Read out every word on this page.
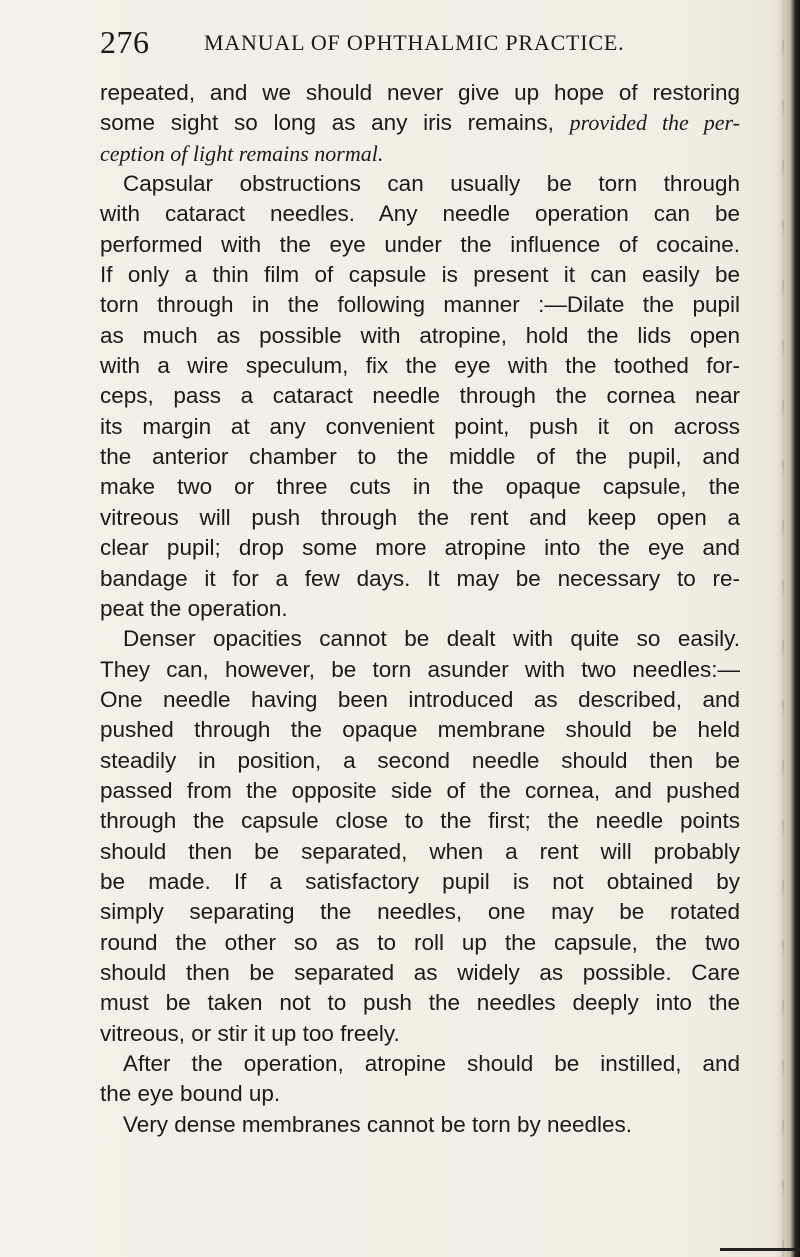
276 MANUAL OF OPHTHALMIC PRACTICE.
repeated, and we should never give up hope of restoring
some sight so long as any iris remains, provided the per-
ception of light remains normal.
Capsular obstructions can usually be torn through
with cataract needles. Any needle operation can be
performed with the eye under the influence of cocaine.
If only a thin film of capsule is present it can easily be
torn through in the following manner :—Dilate the pupil
as much as possible with atropine, hold the lids open
with a wire speculum, fix the eye with the toothed for-
ceps, pass a cataract needle through the cornea near
its margin at any convenient point, push it on across
the anterior chamber to the middle of the pupil, and
make two or three cuts in the opaque capsule, the
vitreous will push through the rent and keep open a
clear pupil; drop some more atropine into the eye and
bandage it for a few days. It may be necessary to re-
peat the operation.
Denser opacities cannot be dealt with quite so easily.
They can, however, be torn asunder with two needles:—
One needle having been introduced as described, and
pushed through the opaque membrane should be held
steadily in position, a second needle should then be
passed from the opposite side of the cornea, and pushed
through the capsule close to the first; the needle points
should then be separated, when a rent will probably
be made. If a satisfactory pupil is not obtained by
simply separating the needles, one may be rotated
round the other so as to roll up the capsule, the two
should then be separated as widely as possible. Care
must be taken not to push the needles deeply into the
vitreous, or stir it up too freely.
After the operation, atropine should be instilled, and
the eye bound up.
Very dense membranes cannot be torn by needles.
